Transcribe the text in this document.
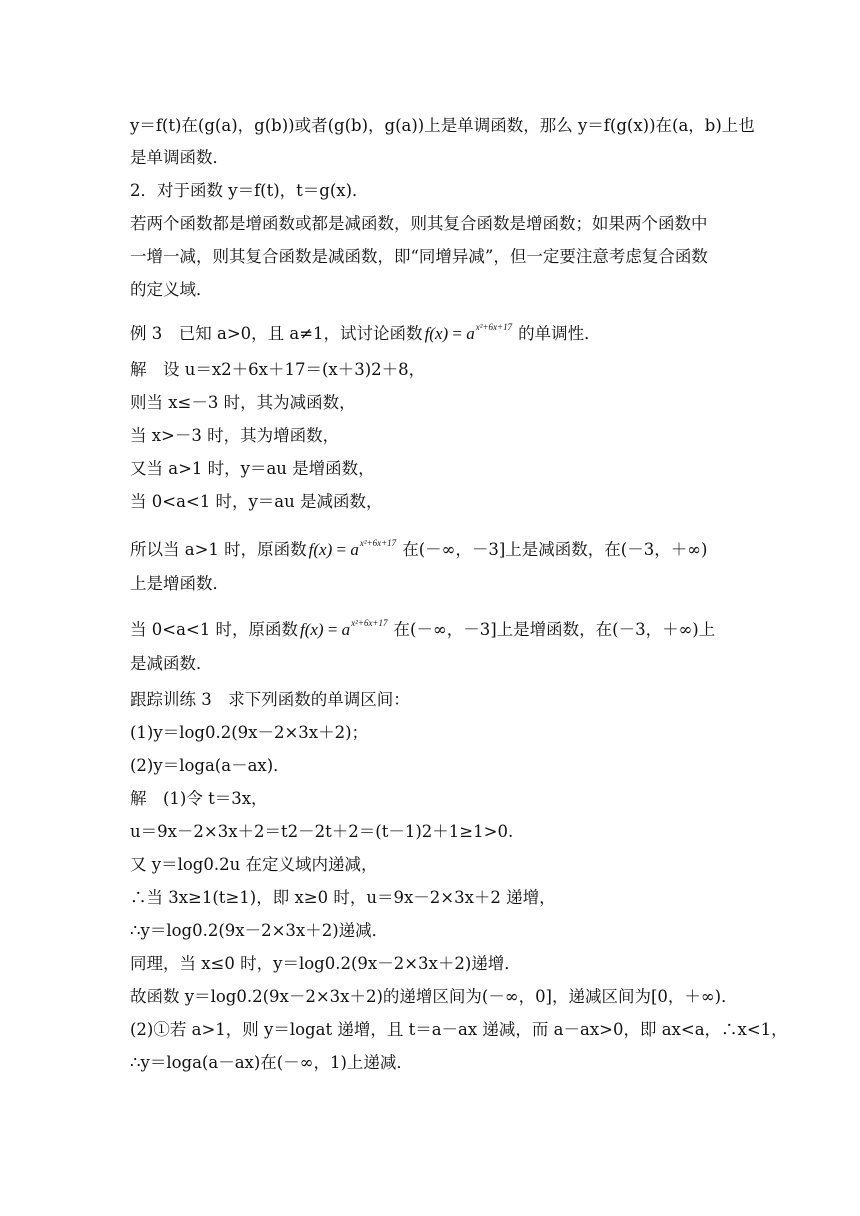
y＝f(t)在(g(a)，g(b))或者(g(b)，g(a))上是单调函数，那么 y＝f(g(x))在(a，b)上也
是单调函数．
2．对于函数 y＝f(t)，t＝g(x)．
若两个函数都是增函数或都是减函数，则其复合函数是增函数；如果两个函数中
一增一减，则其复合函数是减函数，即“同增异减”，但一定要注意考虑复合函数
的定义域．
例 3　已知 a>0，且 a≠1，试讨论函数 $f(x) = a^{x^2+6x+17}$ 的单调性．
解　设 u＝x2＋6x＋17＝(x＋3)2＋8，
则当 x≤－3 时，其为减函数，
当 x>－3 时，其为增函数，
又当 a>1 时，y＝au 是增函数，
当 0<a<1 时，y＝au 是减函数，
所以当 a>1 时，原函数 $f(x) = a^{x^2+6x+17}$ 在(－∞，－3]上是减函数，在(－3，＋∞)
上是增函数．
当 0<a<1 时，原函数 $f(x) = a^{x^2+6x+17}$ 在(－∞，－3]上是增函数，在(－3，＋∞)上
是减函数．
跟踪训练 3　求下列函数的单调区间：
(1)y＝log0.2(9x－2×3x＋2)；
(2)y＝loga(a－ax)．
解　(1)令 t＝3x，
u＝9x－2×3x＋2＝t2－2t＋2＝(t－1)2＋1≥1>0.
又 y＝log0.2u 在定义域内递减，
∴当 3x≥1(t≥1)，即 x≥0 时，u＝9x－2×3x＋2 递增，
∴y＝log0.2(9x－2×3x＋2)递减．
同理，当 x≤0 时，y＝log0.2(9x－2×3x＋2)递增．
故函数 y＝log0.2(9x－2×3x＋2)的递增区间为(－∞，0]，递减区间为[0，＋∞)．
(2)①若 a>1，则 y＝logat 递增，且 t＝a－ax 递减，而 a－ax>0，即 ax<a，∴x<1，
∴y＝loga(a－ax)在(－∞，1)上递减．
